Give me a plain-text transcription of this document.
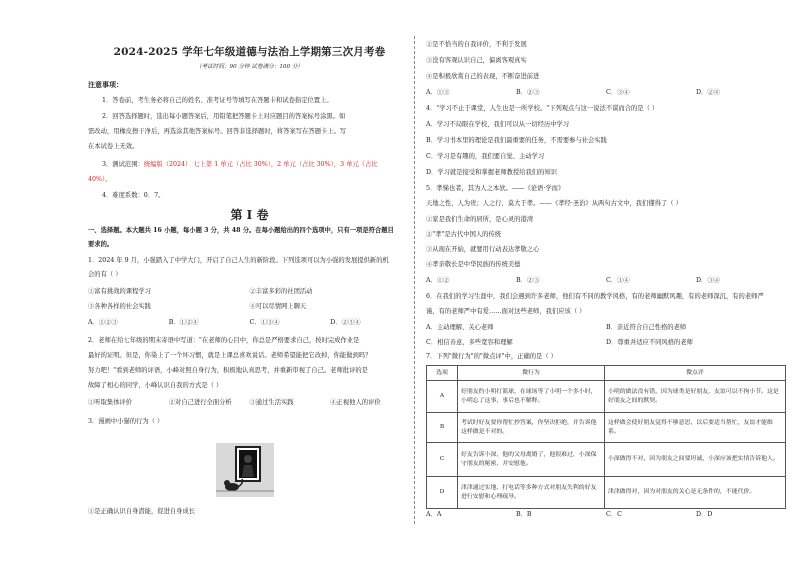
2024-2025 学年七年级道德与法治上学期第三次月考卷
（考试时间：90 分钟 试卷满分：100 分）
注意事项：
1．答卷前，考生务必将自己的姓名、准考证号等填写在答题卡和试卷指定位置上。
2．回答选择题时，选出每小题答案后，用铅笔把答题卡上对应题目的答案标号涂黑。如
需改动，用橡皮擦干净后，再选涂其他答案标号。回答非选择题时，将答案写在答题卡上。写
在本试卷上无效。
3．测试范围：统编版（2024） 七上第 1 单元（占比 30%），2 单元（占比 30%），3 单元（占比
40%）。
4．难度系数：0．7。
第 I 卷
一、选择题。本大题共 16 小题，每小题 3 分，共 48 分。在每小题给出的四个选项中，只有一项是符合题目
要求的。
1．2024 年 9 月，小强踏入了中学大门，开启了自己人生的新阶段。下列选项可以为小强的发展提供新的机
会的有（ ）
①富有挑战的课程学习	②丰富多彩的社团活动
③各种各样的社会实践	④可以尽情网上聊天
A．①②③	B．①②④	C．①③④	D．②③④
2．老师在给七年级的期末寄语中写道："在老师的心目中，你总是严格要求自己，按时完成作业是
最好的证明。但是，你染上了一个坏习惯，就是上课总喜欢说话。老师希望能把它改掉，你能做到吗？
努力吧！"看到老师的评语，小峰对照自身行为，积极地认真思考，并重新审视了自己。老师批评的是
故障了相心的同学，小峰认识自我的方式是（ ）
①听取集体评价	②对自己进行全面分析	③通过生活实践	④正视他人的评价
3．漫画中小猫的行为（ ）
①是正确认识自身潜能，促进自身成长
②是不恰当的自我评价，不利于发展
③没有客观认识自己，偏离客观真实
④是积极欣赏自己的表现，不断奋进前进
A．①③	B．②③	C．③④	D．②④
4．"学习不止于课堂，人生也是一所学校。"下列观点与这一说法不谋而合的是（ ）
A．学习不局限在学校，我们可以从一切经历中学习
B．学习书本里的理论是我们最重要的任务，不需要参与社会实践
C．学习是有趣的，我们要自觉、主动学习
D．学习就是接受和掌握老师教授给我们的知识
5．孝悌也者，其为人之本欤。——《论语·学而》
天地之性，人为贵；人之行，莫大于孝。——《孝经·圣治》从两句古文中，我们懂得了（ ）
①家是我们生命的居所，是心灵的港湾
②"孝"是古代中国人的传统
③从现在开始，就要用行动表达孝敬之心
④孝亲敬长是中华民族的传统美德
A．①②	B．②③	C．①④	D．③④
6．在我们的学习生涯中，我们会遇到许多老师，他们有不同的教学风格，有的老师幽默风趣，有的老师深沉，有的老师严
谨，有的老师严中有爱……面对这些老师，我们应该（ ）
A．主动理解、关心老师	B．亲近符合自己性格的老师
C．相信善意，多些宽容和理解	D．尊重并适应不同风格的老师
7．下列"微行为"的"微点评"中，正确的是（ ）
选项	微行为	微点评
A	好朋友约小明打篮球，在球场等了小明一个多小时，小明忘了这事，事后也不解释。	小明的做法没有错，因为球类是好朋友，友谊可以不拘小节。这是好朋友之间的默契。
B	考试时好友要你帮忙抄答案，你坚决拒绝，并告诉他这样做是不对的。	这样做会使好朋友觉得不够意思，以后要适当帮忙，友谊才能维系。
C	好友告诉小深，他的父母离婚了，他很难过，小深保守朋友的秘密，并安慰他。	小深做得不对，因为朋友之间要坦诚，小深应该把实情告诉他人。
D	津津通过实地、打电话等多种方式对朋友失利的好友进行安慰和心理疏导。	津津做得对，因为对朋友的关心是无条件的，不能代价。
A．A	B．B	C．C	D．D
